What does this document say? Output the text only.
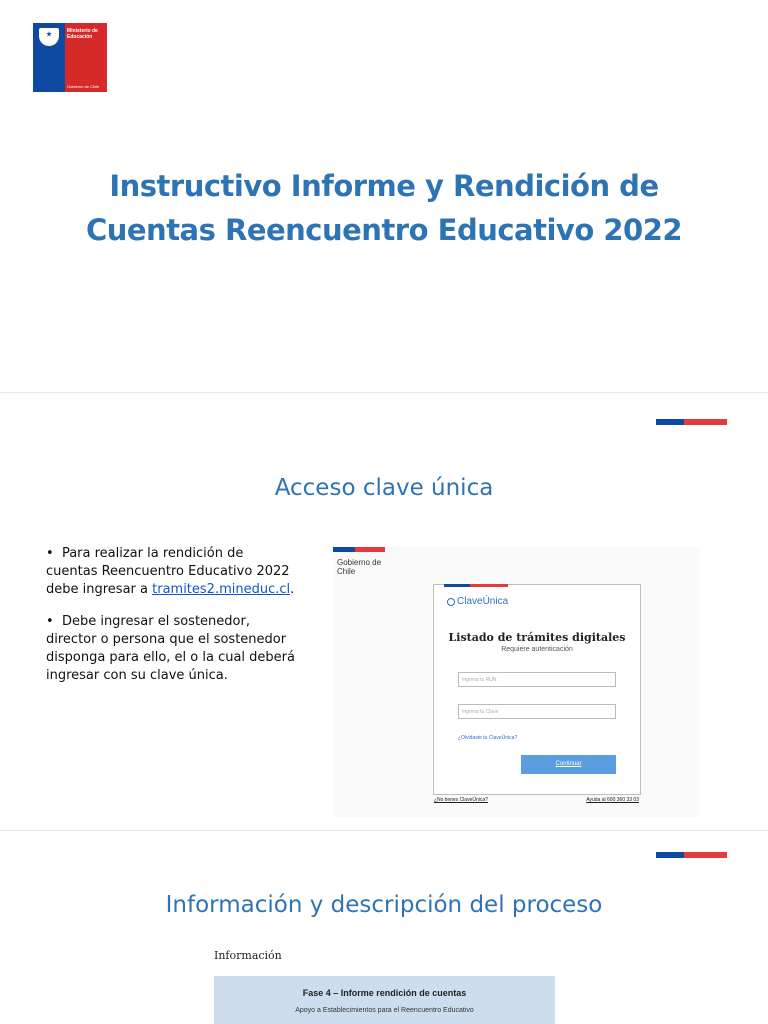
Ministerio de
Educación
Gobierno de Chile
Instructivo Informe y Rendición de
Cuentas Reencuentro Educativo 2022
Acceso clave única

•  Para realizar la rendición de cuentas Reencuentro Educativo 2022 debe ingresar a tramites2.mineduc.cl.

•  Debe ingresar el sostenedor, director o persona que el sostenedor disponga para ello, el o la cual deberá ingresar con su clave única.

Gobierno de
Chile
ClaveÚnica
Listado de trámites digitales
Requiere autenticación
Ingresa tu RUN
Ingresa tu Clave
¿Olvidaste tu ClaveÚnica?
Continuar
¿No tienes ClaveÚnica?	Ayuda al 600 360 33 03
Información y descripción del proceso
Información
Fase 4 – Informe rendición de cuentas
Apoyo a Establecimientos para el Reencuentro Educativo
